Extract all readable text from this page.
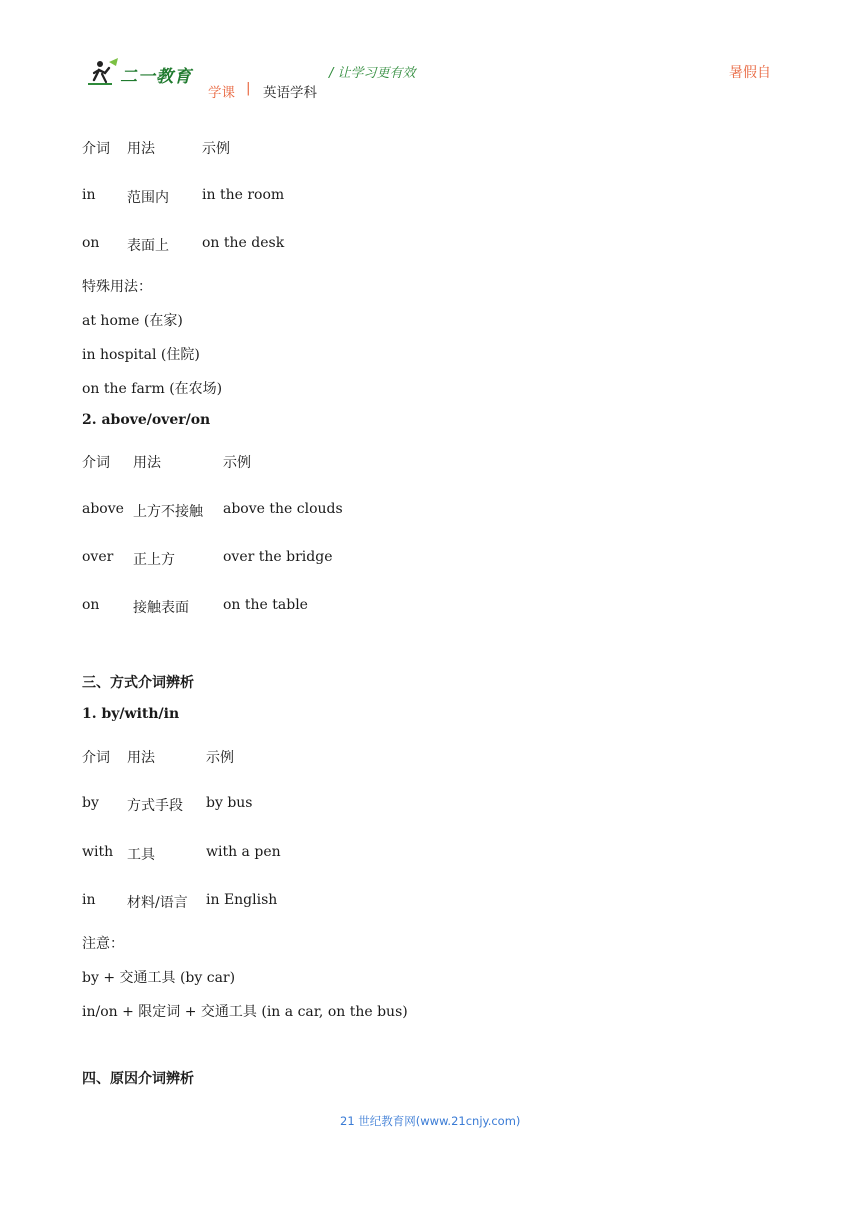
二一教育	/ 让学习更有效
学课 | 英语学科
暑假自
介词 用法	示例
in 范围内 in the room
on 表面上 on the desk
特殊用法：
at home (在家)
in hospital (住院)
on the farm (在农场)
2. above/over/on
介词 用法	示例
above 上方不接触 above the clouds
over 正上方	over the bridge
on 接触表面 on the table
三、方式介词辨析
1. by/with/in
介词 用法	示例
by 方式手段 by bus
with 工具	with a pen
in 材料/语言 in English
注意：
by + 交通工具 (by car)
in/on + 限定词 + 交通工具 (in a car, on the bus)
四、原因介词辨析
21 世纪教育网(www.21cnjy.com)
